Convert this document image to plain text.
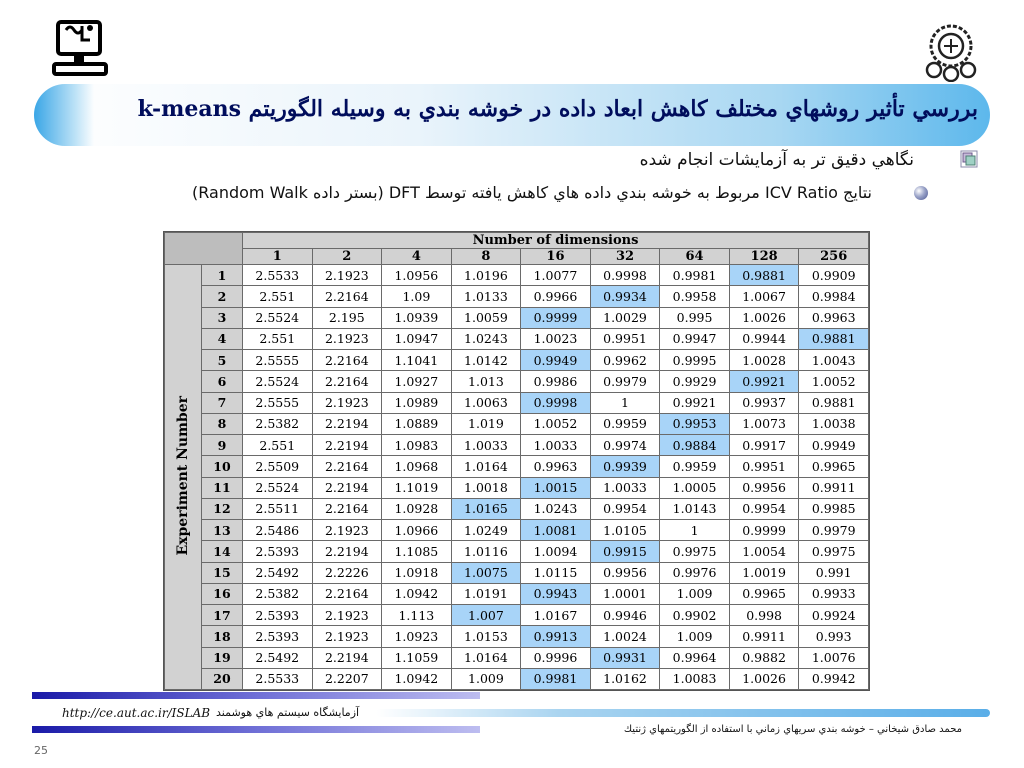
بررسي تأثير روشهاي مختلف كاهش ابعاد داده در خوشه بندي به وسيله الگوريتم k-means
نگاهي دقيق تر به آزمايشات انجام شده
نتايج ICV Ratio مربوط به خوشه بندي داده هاي كاهش يافته توسط DFT (بستر داده Random Walk)
		Number of dimensions								
		1	2	4	8	16	32	64	128	256
Experiment Number	1	2.5533	2.1923	1.0956	1.0196	1.0077	0.9998	0.9981	0.9881	0.9909
	2	2.551	2.2164	1.09	1.0133	0.9966	0.9934	0.9958	1.0067	0.9984
	3	2.5524	2.195	1.0939	1.0059	0.9999	1.0029	0.995	1.0026	0.9963
	4	2.551	2.1923	1.0947	1.0243	1.0023	0.9951	0.9947	0.9944	0.9881
	5	2.5555	2.2164	1.1041	1.0142	0.9949	0.9962	0.9995	1.0028	1.0043
	6	2.5524	2.2164	1.0927	1.013	0.9986	0.9979	0.9929	0.9921	1.0052
	7	2.5555	2.1923	1.0989	1.0063	0.9998	1	0.9921	0.9937	0.9881
	8	2.5382	2.2194	1.0889	1.019	1.0052	0.9959	0.9953	1.0073	1.0038
	9	2.551	2.2194	1.0983	1.0033	1.0033	0.9974	0.9884	0.9917	0.9949
	10	2.5509	2.2164	1.0968	1.0164	0.9963	0.9939	0.9959	0.9951	0.9965
	11	2.5524	2.2194	1.1019	1.0018	1.0015	1.0033	1.0005	0.9956	0.9911
	12	2.5511	2.2164	1.0928	1.0165	1.0243	0.9954	1.0143	0.9954	0.9985
	13	2.5486	2.1923	1.0966	1.0249	1.0081	1.0105	1	0.9999	0.9979
	14	2.5393	2.2194	1.1085	1.0116	1.0094	0.9915	0.9975	1.0054	0.9975
	15	2.5492	2.2226	1.0918	1.0075	1.0115	0.9956	0.9976	1.0019	0.991
	16	2.5382	2.2164	1.0942	1.0191	0.9943	1.0001	1.009	0.9965	0.9933
	17	2.5393	2.1923	1.113	1.007	1.0167	0.9946	0.9902	0.998	0.9924
	18	2.5393	2.1923	1.0923	1.0153	0.9913	1.0024	1.009	0.9911	0.993
	19	2.5492	2.2194	1.1059	1.0164	0.9996	0.9931	0.9964	0.9882	1.0076
	20	2.5533	2.2207	1.0942	1.009	0.9981	1.0162	1.0083	1.0026	0.9942
http://ce.aut.ac.ir/ISLAB آزمايشگاه سيستم هاي هوشمند
محمد صادق شيخاني – خوشه بندي سريهاي زماني با استفاده از الگوريتمهاي ژنتيك
25
